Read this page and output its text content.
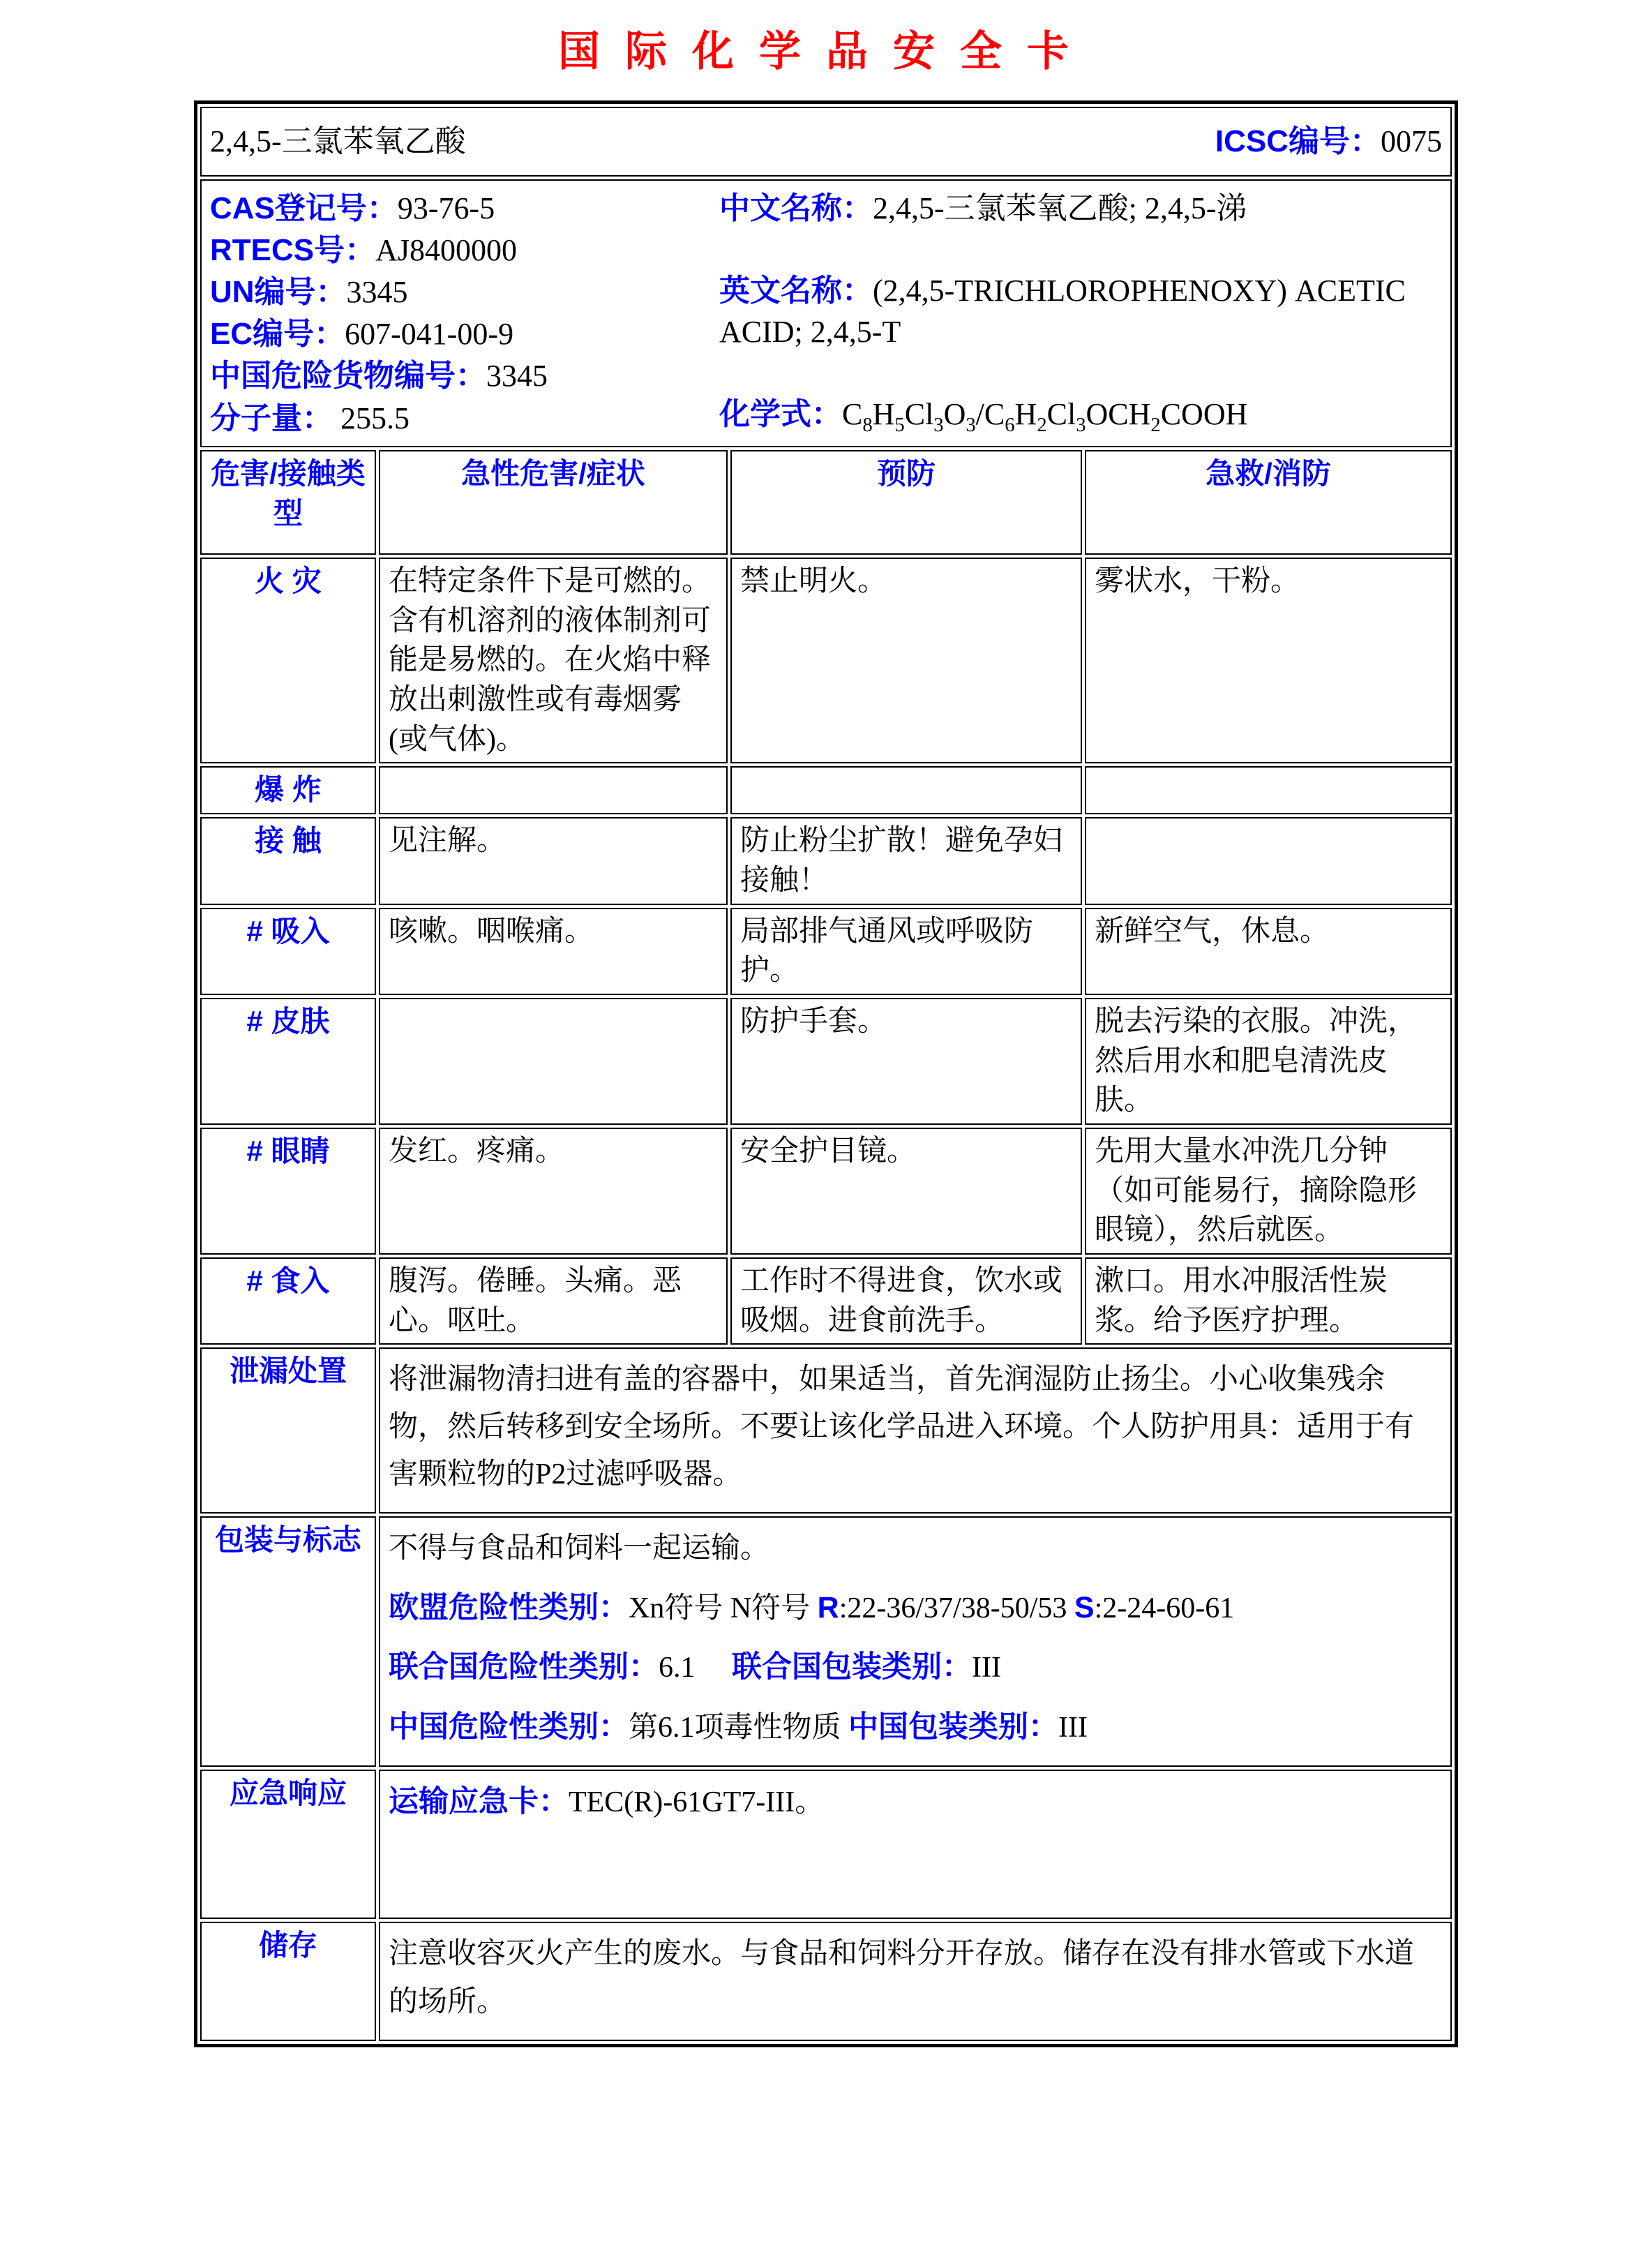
国际化学品安全卡
2,4,5-三氯苯氧乙酸 ICSC编号：0075			

CAS登记号：93-76-5
RTECS号：AJ8400000
UN编号：3345
EC编号：607-041-00-9
中国危险货物编号：3345
分子量： 255.5
中文名称：2,4,5-三氯苯氧乙酸; 2,4,5-涕
英文名称：(2,4,5-TRICHLOROPHENOXY) ACETIC ACID; 2,4,5-T
化学式：$C_8H_5Cl_3O_3/C_6H_2Cl_3OCH_2COOH$

危害/接触类型	急性危害/症状	预防	急救/消防
火 灾	在特定条件下是可燃的。含有机溶剂的液体制剂可能是易燃的。在火焰中释放出刺激性或有毒烟雾(或气体)。	禁止明火。	雾状水，干粉。
爆 炸			
接 触	见注解。	防止粉尘扩散！避免孕妇接触！	
# 吸入	咳嗽。咽喉痛。	局部排气通风或呼吸防护。	新鲜空气，休息。
# 皮肤		防护手套。	脱去污染的衣服。冲洗，然后用水和肥皂清洗皮肤。
# 眼睛	发红。疼痛。	安全护目镜。	先用大量水冲洗几分钟（如可能易行，摘除隐形眼镜），然后就医。
# 食入	腹泻。倦睡。头痛。恶心。呕吐。	工作时不得进食，饮水或吸烟。进食前洗手。	漱口。用水冲服活性炭浆。给予医疗护理。
泄漏处置	将泄漏物清扫进有盖的容器中，如果适当，首先润湿防止扬尘。小心收集残余物，然后转移到安全场所。不要让该化学品进入环境。个人防护用具：适用于有害颗粒物的P2过滤呼吸器。		

包装与标志	不得与食品和饲料一起运输。
欧盟危险性类别：Xn符号 N符号 R:22-36/37/38-50/53 S:2-24-60-61
联合国危险性类别：6.1　 联合国包装类别：III
中国危险性类别：第6.1项毒性物质 中国包装类别：III		

应急响应	运输应急卡：TEC(R)-61GT7-III。		

储存	注意收容灭火产生的废水。与食品和饲料分开存放。储存在没有排水管或下水道的场所。		
